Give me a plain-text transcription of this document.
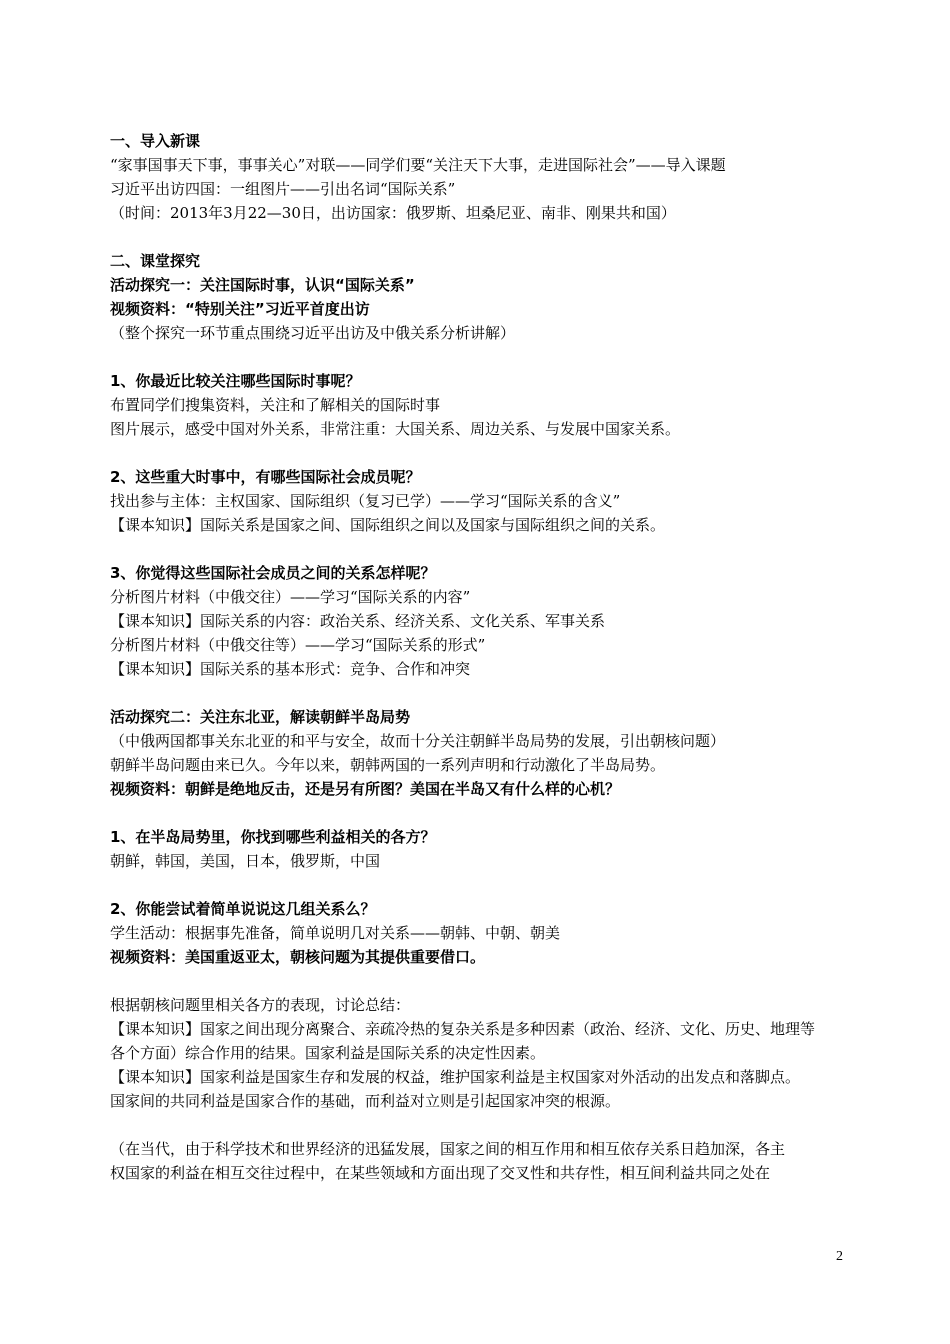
一、导入新课
“家事国事天下事，事事关心”对联——同学们要“关注天下大事，走进国际社会”——导入课题
习近平出访四国：一组图片——引出名词“国际关系”
（时间：2013年3月22—30日，出访国家：俄罗斯、坦桑尼亚、南非、刚果共和国）
二、课堂探究
活动探究一：关注国际时事，认识“国际关系”
视频资料：“特别关注”习近平首度出访
（整个探究一环节重点围绕习近平出访及中俄关系分析讲解）
1、你最近比较关注哪些国际时事呢？
布置同学们搜集资料，关注和了解相关的国际时事
图片展示，感受中国对外关系，非常注重：大国关系、周边关系、与发展中国家关系。
2、这些重大时事中，有哪些国际社会成员呢？
找出参与主体：主权国家、国际组织（复习已学）——学习“国际关系的含义”
【课本知识】国际关系是国家之间、国际组织之间以及国家与国际组织之间的关系。
3、你觉得这些国际社会成员之间的关系怎样呢？
分析图片材料（中俄交往）——学习“国际关系的内容”
【课本知识】国际关系的内容：政治关系、经济关系、文化关系、军事关系
分析图片材料（中俄交往等）——学习“国际关系的形式”
【课本知识】国际关系的基本形式：竞争、合作和冲突
活动探究二：关注东北亚，解读朝鲜半岛局势
（中俄两国都事关东北亚的和平与安全，故而十分关注朝鲜半岛局势的发展，引出朝核问题）
朝鲜半岛问题由来已久。今年以来，朝韩两国的一系列声明和行动激化了半岛局势。
视频资料：朝鲜是绝地反击，还是另有所图？美国在半岛又有什么样的心机？
1、在半岛局势里，你找到哪些利益相关的各方？
朝鲜，韩国，美国，日本，俄罗斯，中国
2、你能尝试着简单说说这几组关系么？
学生活动：根据事先准备，简单说明几对关系——朝韩、中朝、朝美
视频资料：美国重返亚太，朝核问题为其提供重要借口。
根据朝核问题里相关各方的表现，讨论总结：
【课本知识】国家之间出现分离聚合、亲疏冷热的复杂关系是多种因素（政治、经济、文化、历史、地理等
各个方面）综合作用的结果。国家利益是国际关系的决定性因素。
【课本知识】国家利益是国家生存和发展的权益，维护国家利益是主权国家对外活动的出发点和落脚点。
国家间的共同利益是国家合作的基础，而利益对立则是引起国家冲突的根源。
（在当代，由于科学技术和世界经济的迅猛发展，国家之间的相互作用和相互依存关系日趋加深，各主
权国家的利益在相互交往过程中，在某些领域和方面出现了交叉性和共存性，相互间利益共同之处在
2
